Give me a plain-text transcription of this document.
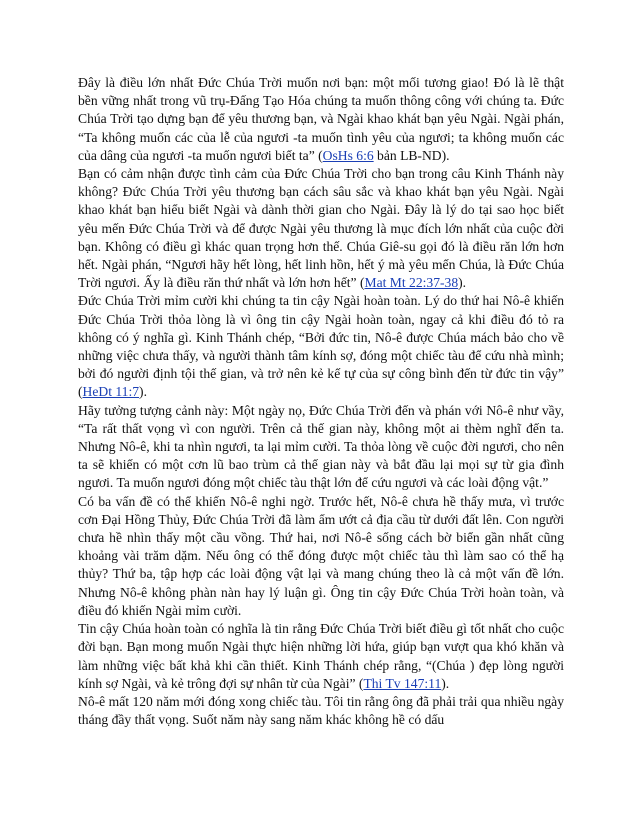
Đây là điều lớn nhất Đức Chúa Trời muốn nơi bạn: một mối tương giao! Đó là lẽ thật bền vững nhất trong vũ trụ-Đấng Tạo Hóa chúng ta muốn thông công với chúng ta. Đức Chúa Trời tạo dựng bạn để yêu thương bạn, và Ngài khao khát bạn yêu Ngài. Ngài phán, “Ta không muốn các của lễ của ngươi -ta muốn tình yêu của ngươi; ta không muốn các của dâng của ngươi -ta muốn ngươi biết ta” (OsHs 6:6 bản LB-ND).

Bạn có cảm nhận được tình cảm của Đức Chúa Trời cho bạn trong câu Kinh Thánh này không? Đức Chúa Trời yêu thương bạn cách sâu sắc và khao khát bạn yêu Ngài. Ngài khao khát bạn hiểu biết Ngài và dành thời gian cho Ngài. Đây là lý do tại sao học biết yêu mến Đức Chúa Trời và để được Ngài yêu thương là mục đích lớn nhất của cuộc đời bạn. Không có điều gì khác quan trọng hơn thế. Chúa Giê-su gọi đó là điều răn lớn hơn hết. Ngài phán, “Ngươi hãy hết lòng, hết linh hồn, hết ý mà yêu mến Chúa, là Đức Chúa Trời ngươi. Ấy là điều răn thứ nhất và lớn hơn hết” (Mat Mt 22:37-38).

Đức Chúa Trời mỉm cười khi chúng ta tin cậy Ngài hoàn toàn. Lý do thứ hai Nô-ê khiến Đức Chúa Trời thỏa lòng là vì ông tin cậy Ngài hoàn toàn, ngay cả khi điều đó tỏ ra không có ý nghĩa gì. Kinh Thánh chép, “Bởi đức tin, Nô-ê được Chúa mách bảo cho về những việc chưa thấy, và người thành tâm kính sợ, đóng một chiếc tàu để cứu nhà mình; bởi đó người định tội thế gian, và trở nên kẻ kế tự của sự công bình đến từ đức tin vậy” (HeDt 11:7).

Hãy tưởng tượng cảnh này: Một ngày nọ, Đức Chúa Trời đến và phán với Nô-ê như vầy, “Ta rất thất vọng vì con người. Trên cả thế gian này, không một ai thèm nghĩ đến ta. Nhưng Nô-ê, khi ta nhìn ngươi, ta lại mỉm cười. Ta thỏa lòng về cuộc đời ngươi, cho nên ta sẽ khiến có một cơn lũ bao trùm cả thế gian này và bắt đầu lại mọi sự từ gia đình ngươi. Ta muốn ngươi đóng một chiếc tàu thật lớn để cứu ngươi và các loài động vật.”

Có ba vấn đề có thể khiến Nô-ê nghi ngờ. Trước hết, Nô-ê chưa hề thấy mưa, vì trước cơn Đại Hồng Thủy, Đức Chúa Trời đã làm ẩm ướt cả địa cầu từ dưới đất lên. Con người chưa hề nhìn thấy một cầu vồng. Thứ hai, nơi Nô-ê sống cách bờ biển gần nhất cũng khoảng vài trăm dặm. Nếu ông có thể đóng được một chiếc tàu thì làm sao có thể hạ thủy? Thứ ba, tập hợp các loài động vật lại và mang chúng theo là cả một vấn đề lớn. Nhưng Nô-ê không phàn nàn hay lý luận gì. Ông tin cậy Đức Chúa Trời hoàn toàn, và điều đó khiến Ngài mỉm cười.

Tin cậy Chúa hoàn toàn có nghĩa là tin rằng Đức Chúa Trời biết điều gì tốt nhất cho cuộc đời bạn. Bạn mong muốn Ngài thực hiện những lời hứa, giúp bạn vượt qua khó khăn và làm những việc bất khả khi cần thiết. Kinh Thánh chép rằng, “(Chúa ) đẹp lòng người kính sợ Ngài, và kẻ trông đợi sự nhân từ của Ngài” (Thi Tv 147:11).

Nô-ê mất 120 năm mới đóng xong chiếc tàu. Tôi tin rằng ông đã phải trải qua nhiều ngày tháng đầy thất vọng. Suốt năm này sang năm khác không hề có dấu
